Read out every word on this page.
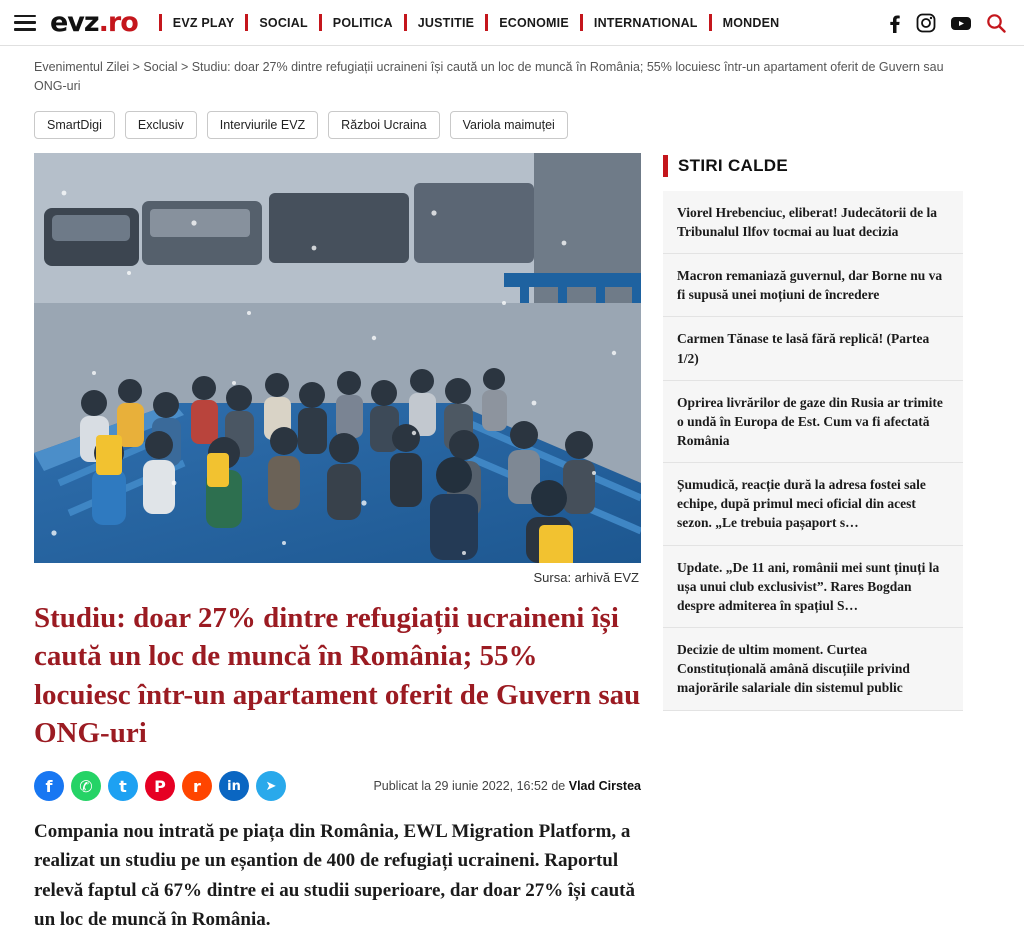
evz.ro	EVZ PLAY SOCIAL POLITICA JUSTITIE ECONOMIE INTERNATIONAL MONDEN
Evenimentul Zilei > Social > Studiu: doar 27% dintre refugiații ucraineni își caută un loc de muncă în România; 55% locuiesc într-un apartament oferit de Guvern sau ONG-uri
SmartDigi	Exclusiv	Interviurile EVZ	Război Ucraina	Variola maimuței
Sursa: arhivă EVZ
Studiu: doar 27% dintre refugiații ucraineni își caută un loc de muncă în România; 55% locuiesc într-un apartament oferit de Guvern sau ONG-uri
f	✆	t	P	r	in	➤	Publicat la 29 iunie 2022, 16:52 de Vlad Cirstea

Compania nou intrată pe piața din România, EWL Migration Platform, a realizat un studiu pe un eșantion de 400 de refugiați ucraineni. Raportul relevă faptul că 67% dintre ei au studii superioare, dar doar 27% își caută un loc de muncă în România.

STIRI CALDE
Viorel Hrebenciuc, eliberat! Judecătorii de la Tribunalul Ilfov tocmai au luat decizia
Macron remaniază guvernul, dar Borne nu va fi supusă unei moțiuni de încredere
Carmen Tănase te lasă fără replică! (Partea 1/2)
Oprirea livrărilor de gaze din Rusia ar trimite o undă în Europa de Est. Cum va fi afectată România
Șumudică, reacție dură la adresa fostei sale echipe, după primul meci oficial din acest sezon. „Le trebuia pașaport s…
Update. „De 11 ani, românii mei sunt ținuți la ușa unui club exclusivist”. Rares Bogdan despre admiterea în spațiul S…
Decizie de ultim moment. Curtea Constituțională amână discuțiile privind majorările salariale din sistemul public
